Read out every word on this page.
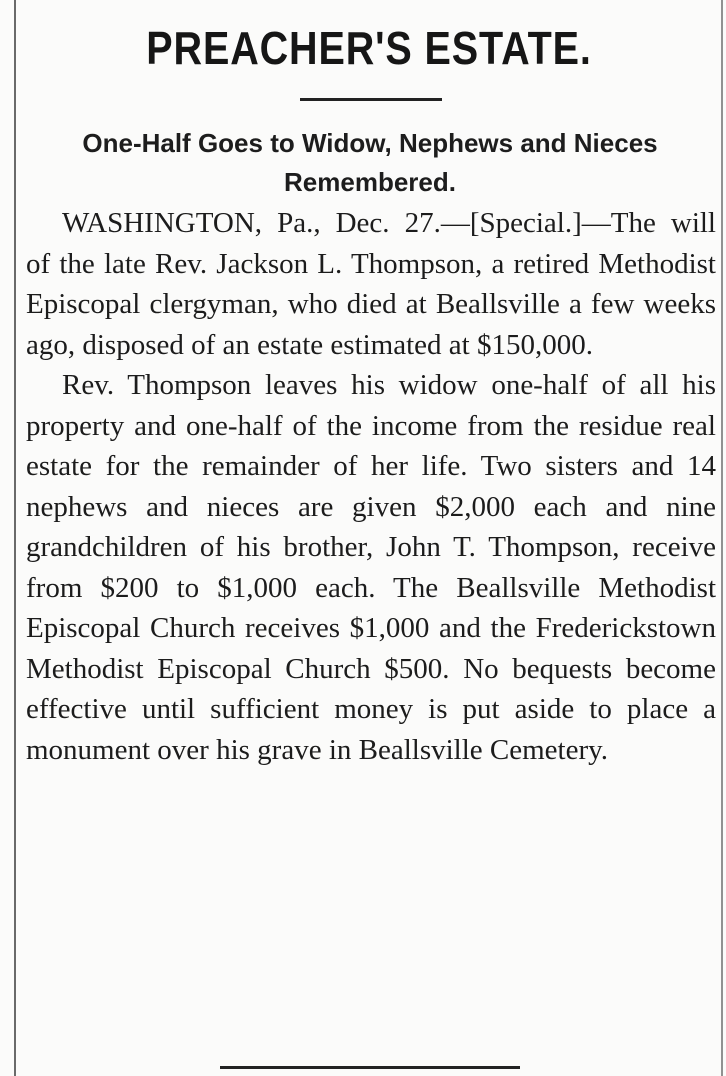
PREACHER'S ESTATE.
One-Half Goes to Widow, Nephews and Nieces Remembered.

WASHINGTON, Pa., Dec. 27.—[Special.]—The will of the late Rev. Jackson L. Thompson, a retired Methodist Episcopal clergyman, who died at Beallsville a few weeks ago, disposed of an estate estimated at $150,000.

Rev. Thompson leaves his widow one-half of all his property and one-half of the income from the residue real estate for the remainder of her life. Two sisters and 14 nephews and nieces are given $2,000 each and nine grandchildren of his brother, John T. Thompson, receive from $200 to $1,000 each. The Beallsville Methodist Episcopal Church receives $1,000 and the Frederickstown Methodist Episcopal Church $500. No bequests become effective until sufficient money is put aside to place a monument over his grave in Beallsville Cemetery.
